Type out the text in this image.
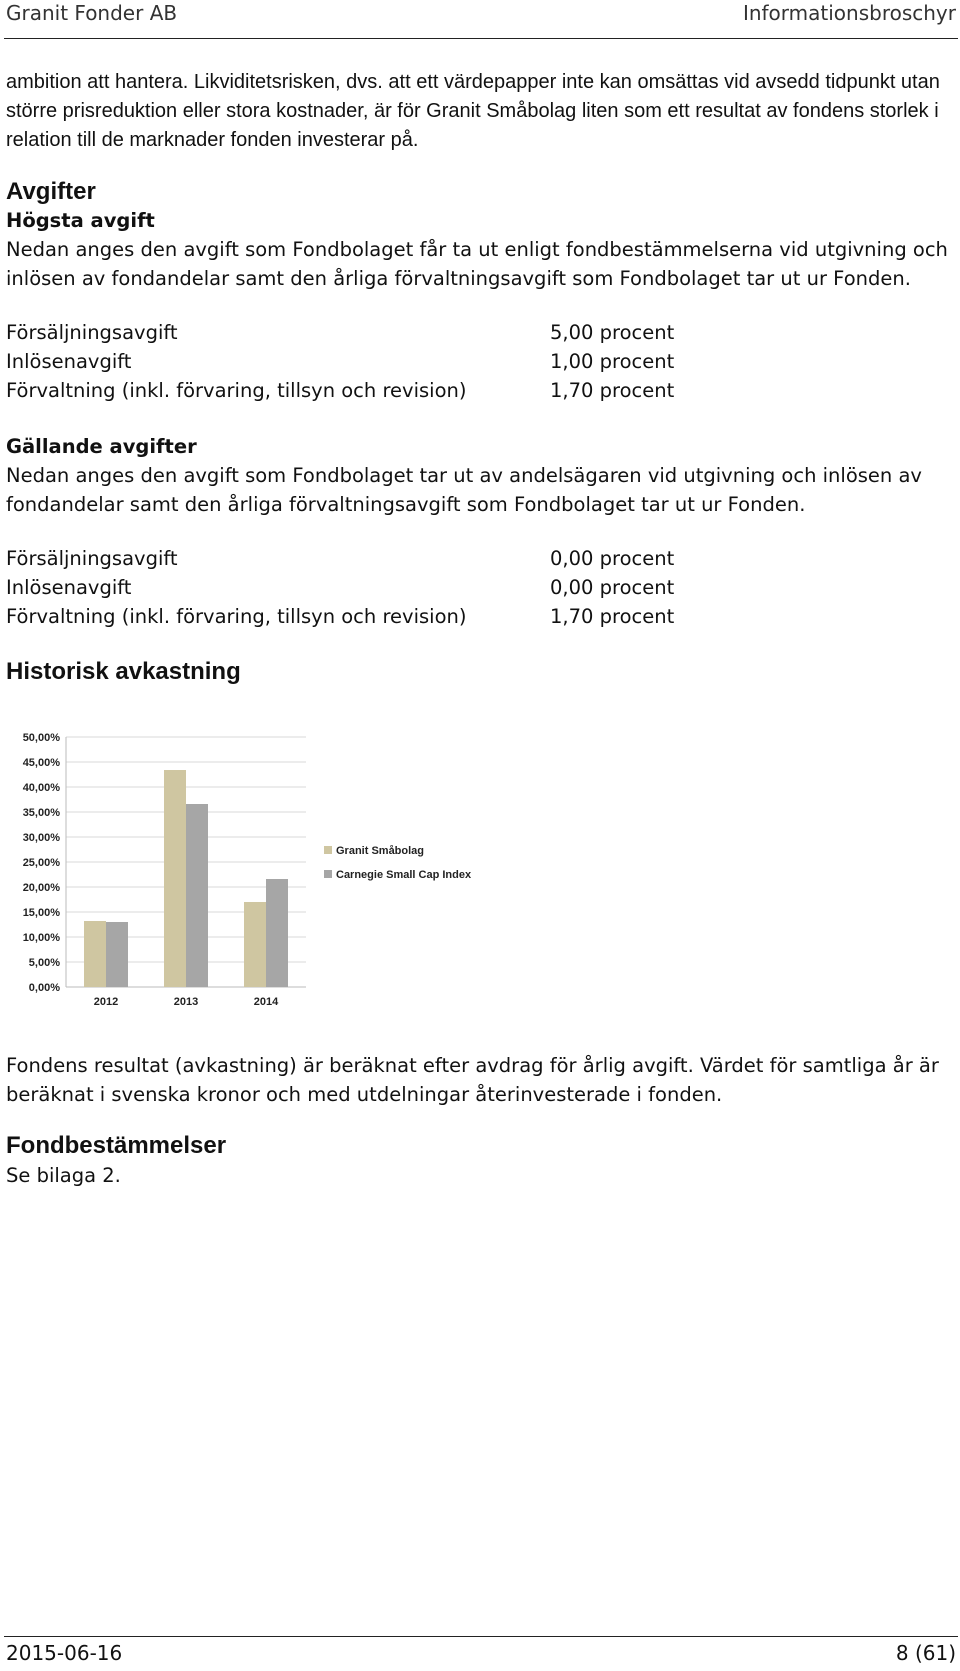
Granit Fonder AB	Informationsbroschyr

ambition att hantera. Likviditetsrisken, dvs. att ett värdepapper inte kan omsättas vid avsedd tidpunkt utan större prisreduktion eller stora kostnader, är för Granit Småbolag liten som ett resultat av fondens storlek i relation till de marknader fonden investerar på.

Avgifter
Högsta avgift

Nedan anges den avgift som Fondbolaget får ta ut enligt fondbestämmelserna vid utgivning och inlösen av fondandelar samt den årliga förvaltningsavgift som Fondbolaget tar ut ur Fonden.

Försäljningsavgift	5,00 procent
Inlösenavgift	1,00 procent
Förvaltning (inkl. förvaring, tillsyn och revision)	1,70 procent
Gällande avgifter

Nedan anges den avgift som Fondbolaget tar ut av andelsägaren vid utgivning och inlösen av fondandelar samt den årliga förvaltningsavgift som Fondbolaget tar ut ur Fonden.

Försäljningsavgift	0,00 procent
Inlösenavgift	0,00 procent
Förvaltning (inkl. förvaring, tillsyn och revision)	1,70 procent
Historisk avkastning
0,00%
5,00%
10,00%
15,00%
20,00%
25,00%
30,00%
35,00%
40,00%
45,00%
50,00%
2012	2013	2014
Granit Småbolag
Carnegie Small Cap Index

Fondens resultat (avkastning) är beräknat efter avdrag för årlig avgift. Värdet för samtliga år är beräknat i svenska kronor och med utdelningar återinvesterade i fonden.

Fondbestämmelser

Se bilaga 2.

2015-06-16	8 (61)
